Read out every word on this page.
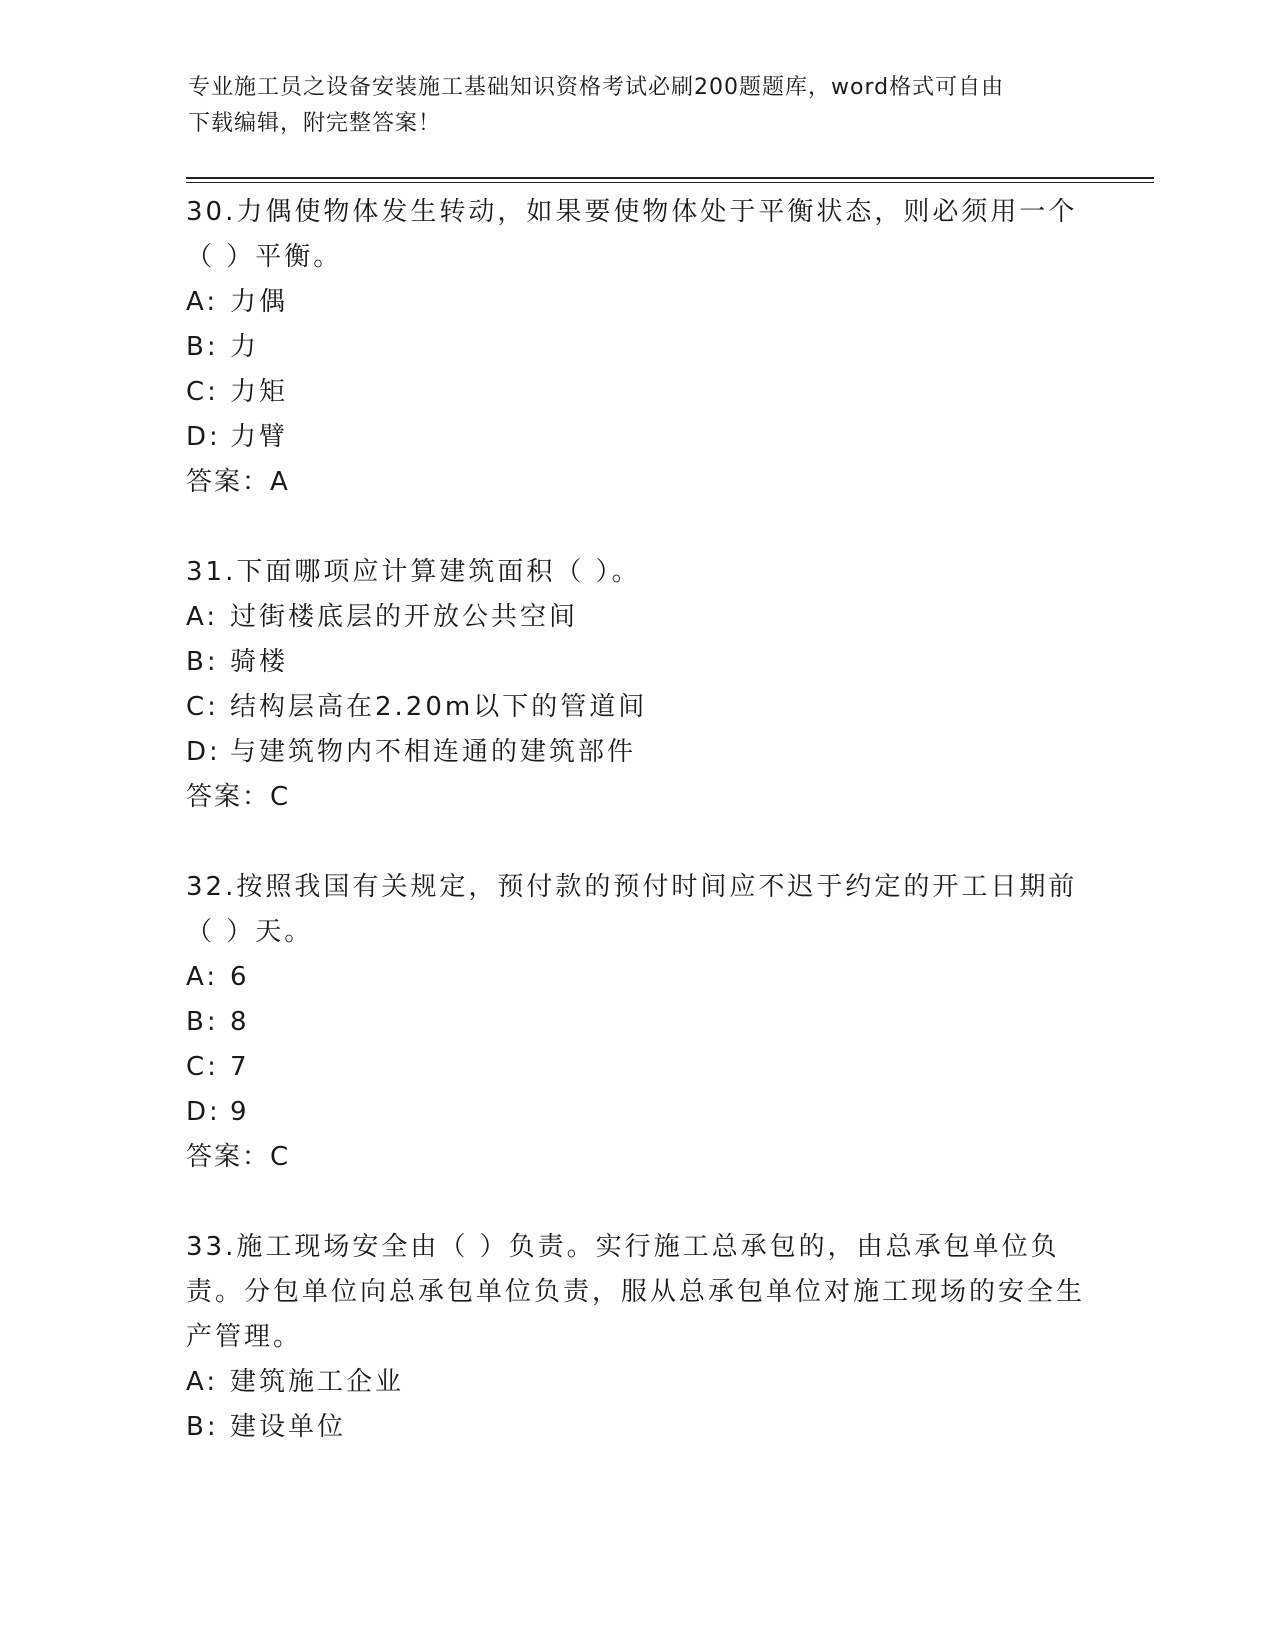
专业施工员之设备安装施工基础知识资格考试必刷200题题库，word格式可自由
下载编辑，附完整答案！

30.力偶使物体发生转动，如果要使物体处于平衡状态，则必须用一个（ ）平衡。

A: 力偶
B: 力
C: 力矩
D: 力臂

答案：A

31.下面哪项应计算建筑面积（ ）。

A: 过街楼底层的开放公共空间
B: 骑楼
C: 结构层高在2.20m以下的管道间
D: 与建筑物内不相连通的建筑部件

答案：C

32.按照我国有关规定，预付款的预付时间应不迟于约定的开工日期前（ ）天。

A: 6
B: 8
C: 7
D: 9

答案：C

33.施工现场安全由（ ）负责。实行施工总承包的，由总承包单位负责。分包单位向总承包单位负责，服从总承包单位对施工现场的安全生产管理。

A: 建筑施工企业
B: 建设单位
